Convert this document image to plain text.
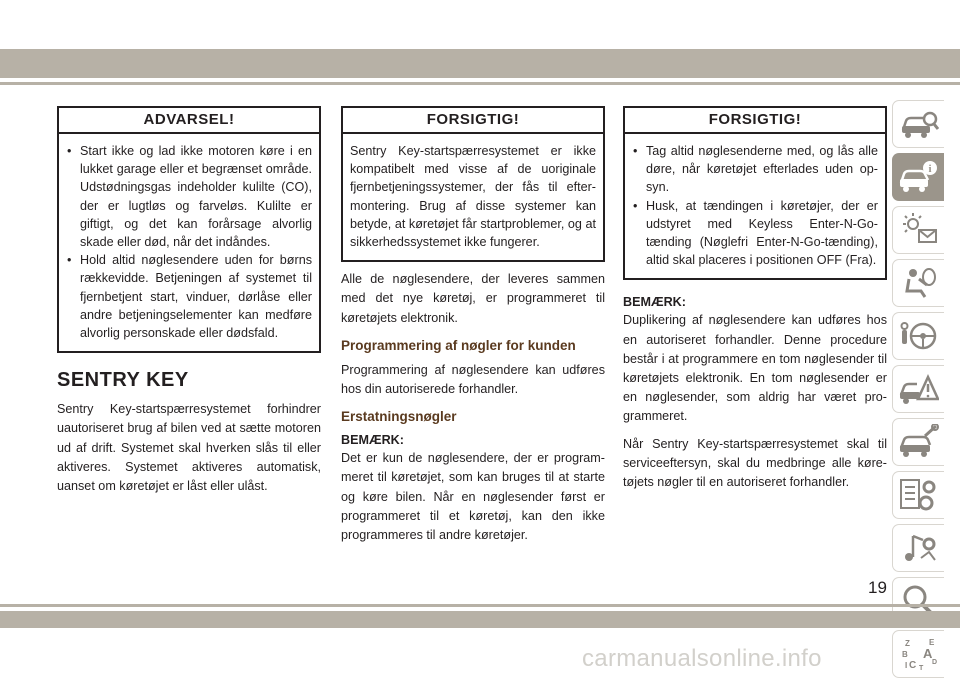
ADVARSEL!
• Start ikke og lad ikke motoren køre i en lukket garage eller et begrænset område. Udstødningsgas indeholder kulilte (CO), der er lugtløs og farveløs. Kulilte er giftigt, og det kan forårsage alvorlig skade eller død, når det indåndes.
• Hold altid nøglesendere uden for børns rækkevidde. Betjeningen af systemet til fjernbetjent start, vinduer, dørlåse eller andre betjeningselementer kan medføre alvorlig personskade eller dødsfald.
SENTRY KEY

Sentry Key-startspærresystemet forhindrer uautoriseret brug af bilen ved at sætte motoren ud af drift. Systemet skal hverken slås til eller aktiveres. Systemet aktiveres automatisk, uanset om køretøjet er låst eller ulåst.

FORSIGTIG!

Sentry Key-startspærresystemet er ikke kompatibelt med visse af de uoriginale fjernbetjeningssystemer, der fås til eftermontering. Brug af disse systemer kan betyde, at køretøjet får startproblemer, og at sikkerhedssystemet ikke fungerer.

Alle de nøglesendere, der leveres sammen med det nye køretøj, er programmeret til køretøjets elektronik.

Programmering af nøgler for kunden

Programmering af nøglesendere kan udføres hos din autoriserede forhandler.

Erstatningsnøgler
BEMÆRK:

Det er kun de nøglesendere, der er programmeret til køretøjet, som kan bruges til at starte og køre bilen. Når en nøglesender først er programmeret til et køretøj, kan den ikke programmeres til andre køretøjer.

FORSIGTIG!
• Tag altid nøglesenderne med, og lås alle døre, når køretøjet efterlades uden opsyn.
• Husk, at tændingen i køretøjer, der er udstyret med Keyless Enter-N-Go-tænding (Nøglefri Enter-N-Go-tænding), altid skal placeres i positionen OFF (Fra).
BEMÆRK:

Duplikering af nøglesendere kan udføres hos en autoriseret forhandler. Denne procedure består i at programmere en tom nøglesender til køretøjets elektronik. En tom nøglesender er en nøglesender, som aldrig har været programmeret.

Når Sentry Key-startspærresystemet skal til serviceeftersyn, skal du medbringe alle køretøjets nøgler til en autoriseret forhandler.

i
Z E
B A
C D
I T
19
carmanualsonline.info
